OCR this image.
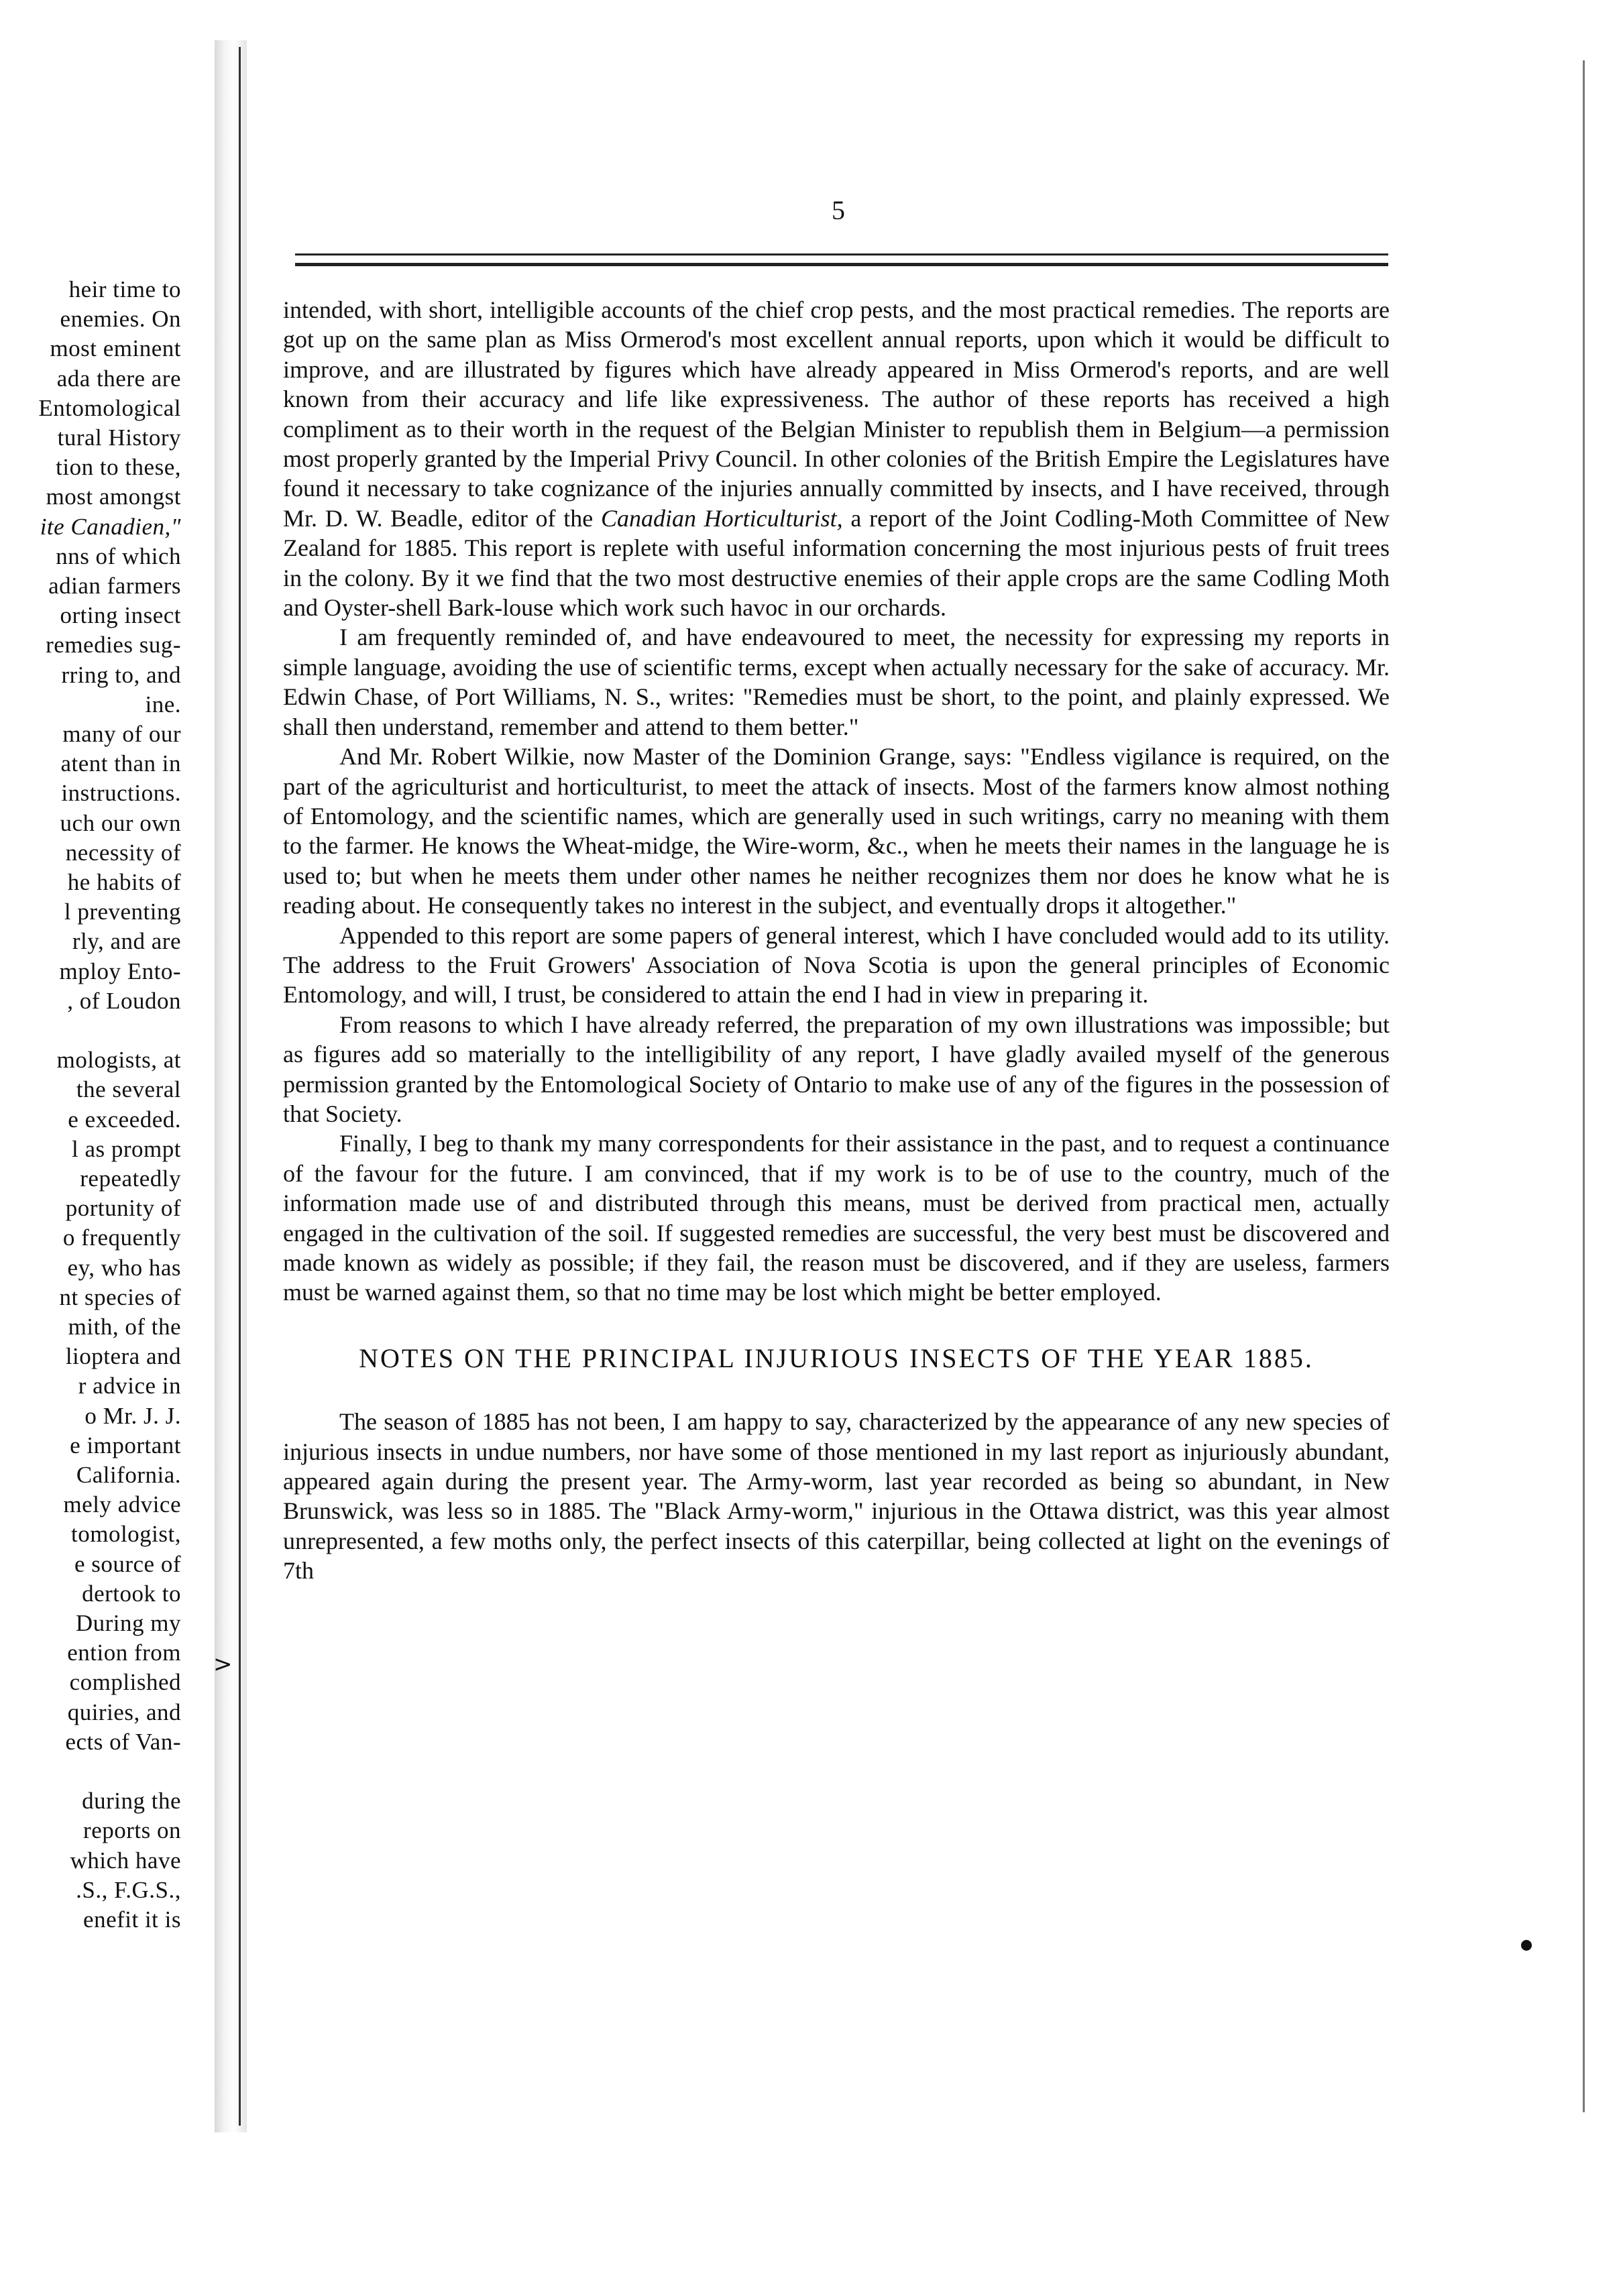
heir time to
enemies. On
most eminent
ada there are
Entomological
tural History
tion to these,
most amongst
ite Canadien,"
nns of which
adian farmers
orting insect
remedies sug-
rring to, and
ine.
many of our
atent than in
instructions.
uch our own
necessity of
he habits of
l preventing
rly, and are
mploy Ento-
, of Loudon
mologists, at
the several
e exceeded.
l as prompt
repeatedly
portunity of
o frequently
ey, who has
nt species of
mith, of the
lioptera and
r advice in
o Mr. J. J.
e important
California.
mely advice
tomologist,
e source of
dertook to
During my
ention from
complished
quiries, and
ects of Van-
during the
reports on
which have
.S., F.G.S.,
enefit it is
>
5

intended, with short, intelligible accounts of the chief crop pests, and the most practical remedies. The reports are got up on the same plan as Miss Ormerod's most excellent annual reports, upon which it would be difficult to improve, and are illustrated by figures which have already appeared in Miss Ormerod's reports, and are well known from their accuracy and life like expressiveness. The author of these reports has received a high compliment as to their worth in the request of the Belgian Minister to republish them in Belgium—a permission most properly granted by the Imperial Privy Council. In other colonies of the British Empire the Legislatures have found it necessary to take cognizance of the injuries annually committed by insects, and I have received, through Mr. D. W. Beadle, editor of the Canadian Horticulturist, a report of the Joint Codling-Moth Committee of New Zealand for 1885. This report is replete with useful information concerning the most injurious pests of fruit trees in the colony. By it we find that the two most destructive enemies of their apple crops are the same Codling Moth and Oyster-shell Bark-louse which work such havoc in our orchards.

I am frequently reminded of, and have endeavoured to meet, the necessity for expressing my reports in simple language, avoiding the use of scientific terms, except when actually necessary for the sake of accuracy. Mr. Edwin Chase, of Port Williams, N. S., writes: "Remedies must be short, to the point, and plainly expressed. We shall then understand, remember and attend to them better."

And Mr. Robert Wilkie, now Master of the Dominion Grange, says: "Endless vigilance is required, on the part of the agriculturist and horticulturist, to meet the attack of insects. Most of the farmers know almost nothing of Entomology, and the scientific names, which are generally used in such writings, carry no meaning with them to the farmer. He knows the Wheat-midge, the Wire-worm, &c., when he meets their names in the language he is used to; but when he meets them under other names he neither recognizes them nor does he know what he is reading about. He consequently takes no interest in the subject, and eventually drops it altogether."

Appended to this report are some papers of general interest, which I have concluded would add to its utility. The address to the Fruit Growers' Association of Nova Scotia is upon the general principles of Economic Entomology, and will, I trust, be considered to attain the end I had in view in preparing it.

From reasons to which I have already referred, the preparation of my own illustrations was impossible; but as figures add so materially to the intelligibility of any report, I have gladly availed myself of the generous permission granted by the Entomological Society of Ontario to make use of any of the figures in the possession of that Society.

Finally, I beg to thank my many correspondents for their assistance in the past, and to request a continuance of the favour for the future. I am convinced, that if my work is to be of use to the country, much of the information made use of and distributed through this means, must be derived from practical men, actually engaged in the cultivation of the soil. If suggested remedies are successful, the very best must be discovered and made known as widely as possible; if they fail, the reason must be discovered, and if they are useless, farmers must be warned against them, so that no time may be lost which might be better employed.

NOTES ON THE PRINCIPAL INJURIOUS INSECTS OF THE YEAR 1885.

The season of 1885 has not been, I am happy to say, characterized by the appearance of any new species of injurious insects in undue numbers, nor have some of those mentioned in my last report as injuriously abundant, appeared again during the present year. The Army-worm, last year recorded as being so abundant, in New Brunswick, was less so in 1885. The "Black Army-worm," injurious in the Ottawa district, was this year almost unrepresented, a few moths only, the perfect insects of this caterpillar, being collected at light on the evenings of 7th
